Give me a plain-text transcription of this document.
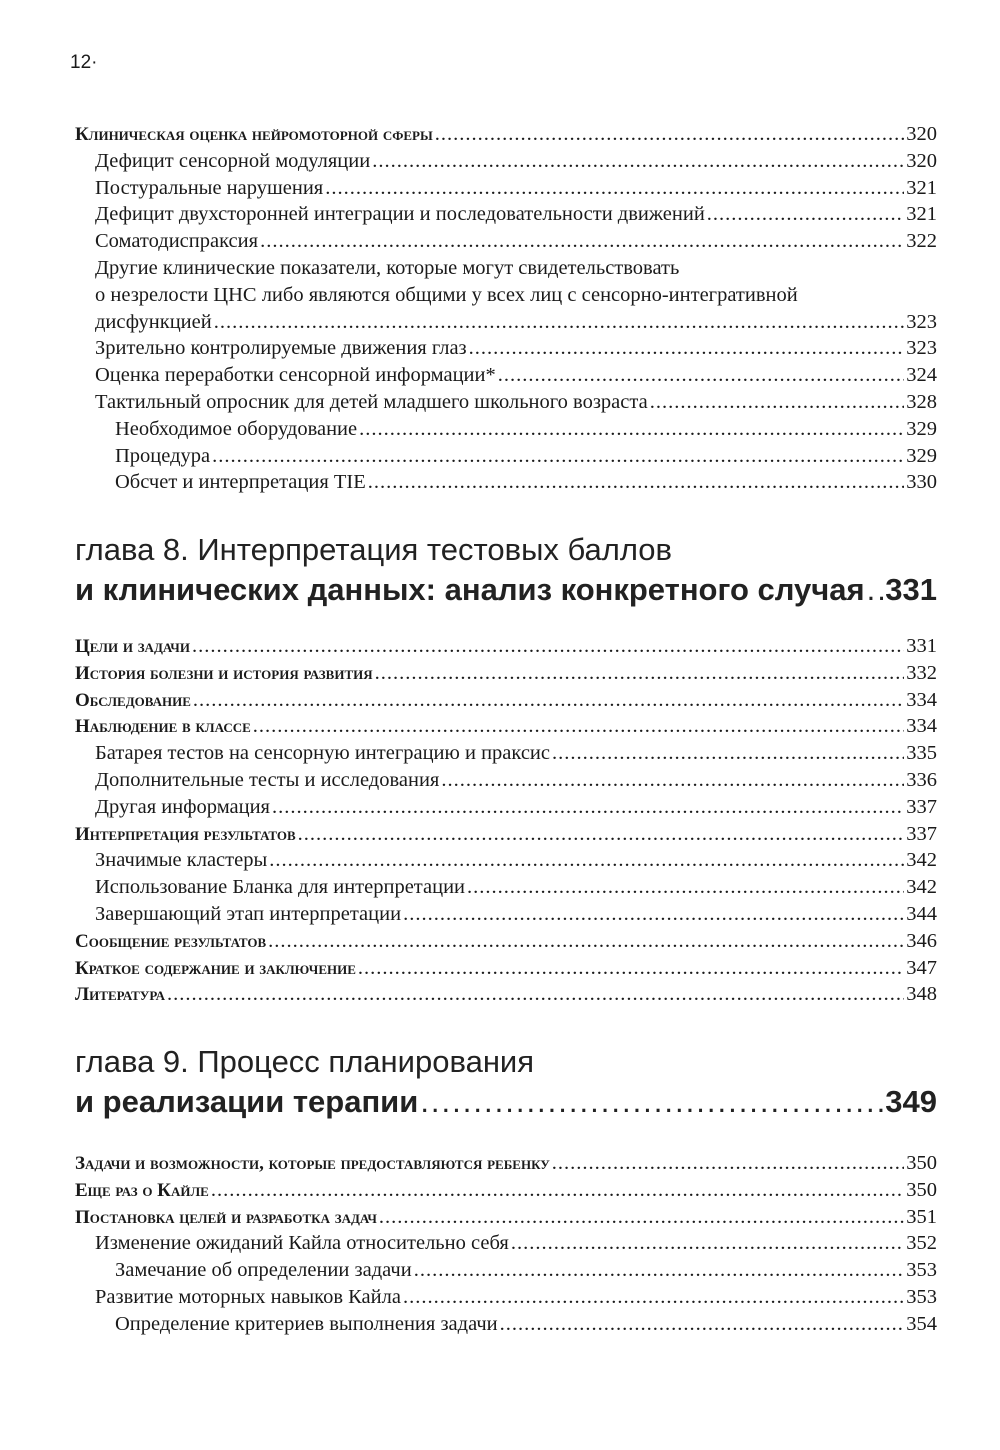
12·
Клиническая оценка нейромоторной сферы .....	320
Дефицит сенсорной модуляции .....	320
Постуральные нарушения .....	321
Дефицит двухсторонней интеграции и последовательности движений .....	321
Соматодиспраксия .....	322
Другие клинические показатели, которые могут свидетельствовать
о незрелости ЦНС либо являются общими у всех лиц с сенсорно-интегративной
дисфункцией .....	323
Зрительно контролируемые движения глаз .....	323
Оценка переработки сенсорной информации* .....	324
Тактильный опросник для детей младшего школьного возраста .....	328
Необходимое оборудование .....	329
Процедура .....	329
Обсчет и интерпретация TIE .....	330
глава 8. Интерпретация тестовых баллов
и клинических данных: анализ конкретного случая ..... 331
Цели и задачи .....	331
История болезни и история развития .....	332
Обследование .....	334
Наблюдение в классе .....	334
Батарея тестов на сенсорную интеграцию и праксис .....	335
Дополнительные тесты и исследования .....	336
Другая информация .....	337
Интерпретация результатов .....	337
Значимые кластеры .....	342
Использование Бланка для интерпретации .....	342
Завершающий этап интерпретации .....	344
Сообщение результатов .....	346
Краткое содержание и заключение .....	347
Литература .....	348
глава 9. Процесс планирования
и реализации терапии .....	349
Задачи и возможности, которые предоставляются ребенку .....	350
Еще раз о Кайле .....	350
Постановка целей и разработка задач .....	351
Изменение ожиданий Кайла относительно себя .....	352
Замечание об определении задачи .....	353
Развитие моторных навыков Кайла .....	353
Определение критериев выполнения задачи .....	354
